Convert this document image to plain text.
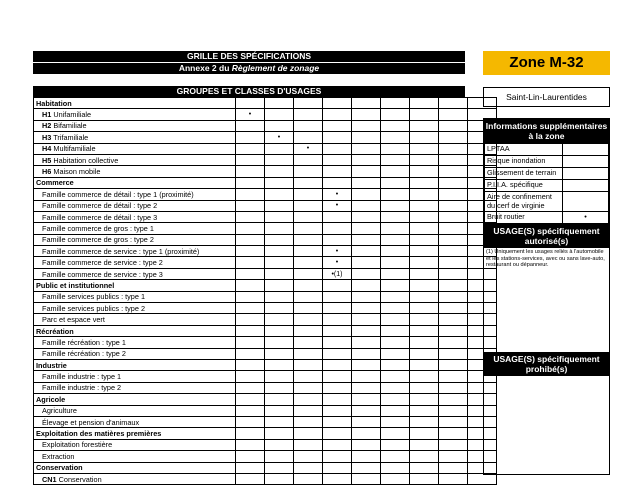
GRILLE DES SPÉCIFICATIONS
Annexe 2 du Règlement de zonage
GROUPES ET CLASSES D'USAGES
Habitation									
H1 Unifamiliale	•								
H2 Bifamiliale									
H3 Trifamiliale		•							
H4 Multifamiliale			•						
H5 Habitation collective									
H6 Maison mobile									
Commerce									
Famille commerce de détail : type 1 (proximité)				•					
Famille commerce de détail : type 2				•					
Famille commerce de détail : type 3									
Famille commerce de gros : type 1									
Famille commerce de gros : type 2									
Famille commerce de service : type 1 (proximité)				•					
Famille commerce de service : type 2				•					
Famille commerce de service : type 3				•(1)					
Public et institutionnel									
Famille services publics : type 1									
Famille services publics : type 2									
Parc et espace vert									
Récréation									
Famille récréation : type 1									
Famille récréation : type 2									
Industrie									
Famille industrie : type 1									
Famille industrie : type 2									
Agricole									
Agriculture									
Élevage et pension d'animaux									
Exploitation des matières premières									
Exploitation forestière									
Extraction									
Conservation									
CN1 Conservation									
Zone M-32
Saint-Lin-Laurentides
Informations supplémentaires à la zone
LPTAA	
Risque inondation	
Glissement de terrain	
P.I.I.A. spécifique	
Aire de confinement du cerf de virginie	
Bruit routier	•
USAGE(S) spécifiquement autorisé(s)
(1) Uniquement les usages reliés à l'automobile et les stations-services, avec ou sans lave-auto, restaurant ou dépanneur.
USAGE(S) spécifiquement prohibé(s)
